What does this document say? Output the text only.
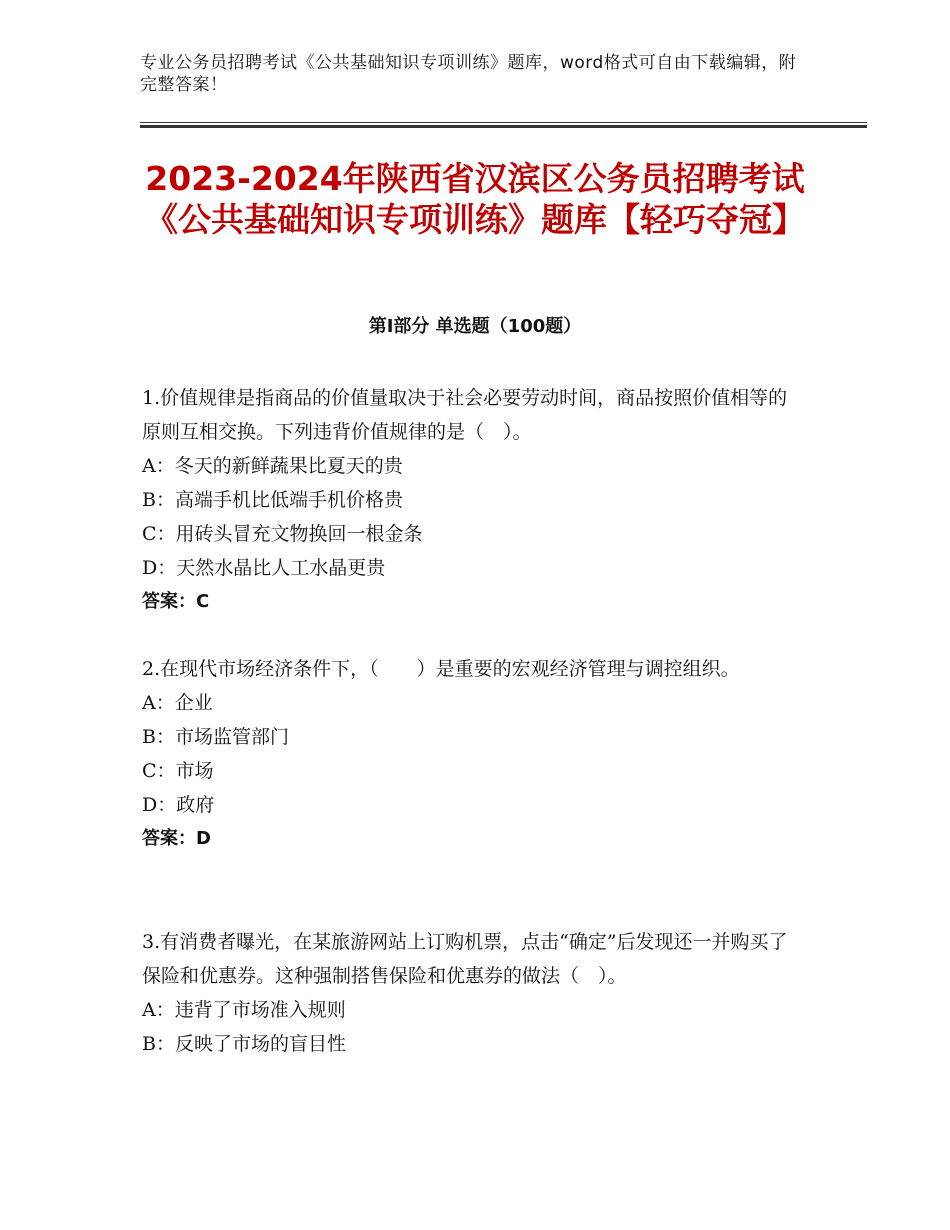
专业公务员招聘考试《公共基础知识专项训练》题库，word格式可自由下载编辑，附完整答案！
2023-2024年陕西省汉滨区公务员招聘考试《公共基础知识专项训练》题库【轻巧夺冠】
第Ⅰ部分 单选题（100题）

1.价值规律是指商品的价值量取决于社会必要劳动时间，商品按照价值相等的原则互相交换。下列违背价值规律的是（　）。

A：冬天的新鲜蔬果比夏天的贵

B：高端手机比低端手机价格贵

C：用砖头冒充文物换回一根金条

D：天然水晶比人工水晶更贵

答案：C

2.在现代市场经济条件下，（　　）是重要的宏观经济管理与调控组织。

A：企业

B：市场监管部门

C：市场

D：政府

答案：D

3.有消费者曝光，在某旅游网站上订购机票，点击“确定”后发现还一并购买了保险和优惠券。这种强制搭售保险和优惠券的做法（　）。

A：违背了市场准入规则

B：反映了市场的盲目性
